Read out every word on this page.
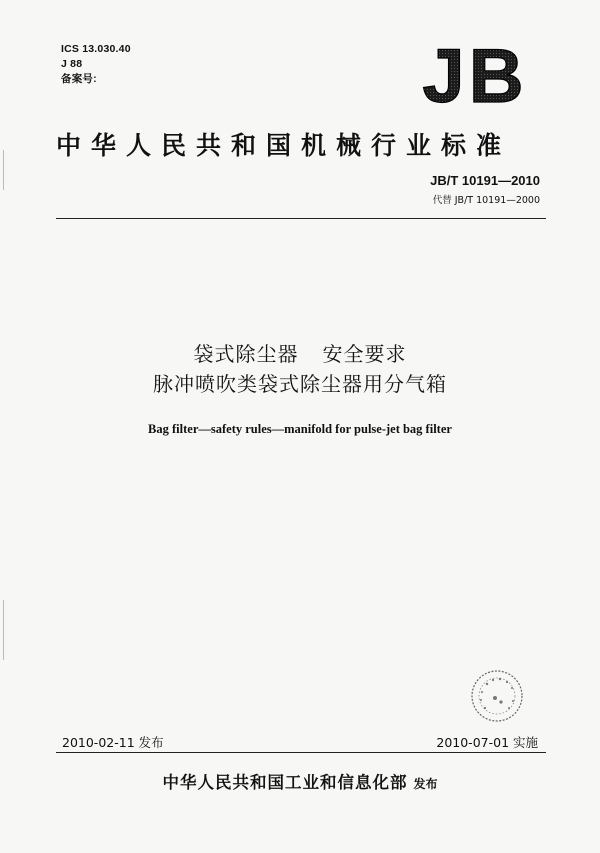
ICS 13.030.40
J 88
备案号:	JB
中华人民共和国机械行业标准
JB/T 10191—2010
代替 JB/T 10191—2000
袋式除尘器 安全要求
脉冲喷吹类袋式除尘器用分气箱
Bag filter—safety rules—manifold for pulse-jet bag filter
2010-02-11 发布	2010-07-01 实施
中华人民共和国工业和信息化部 发布
